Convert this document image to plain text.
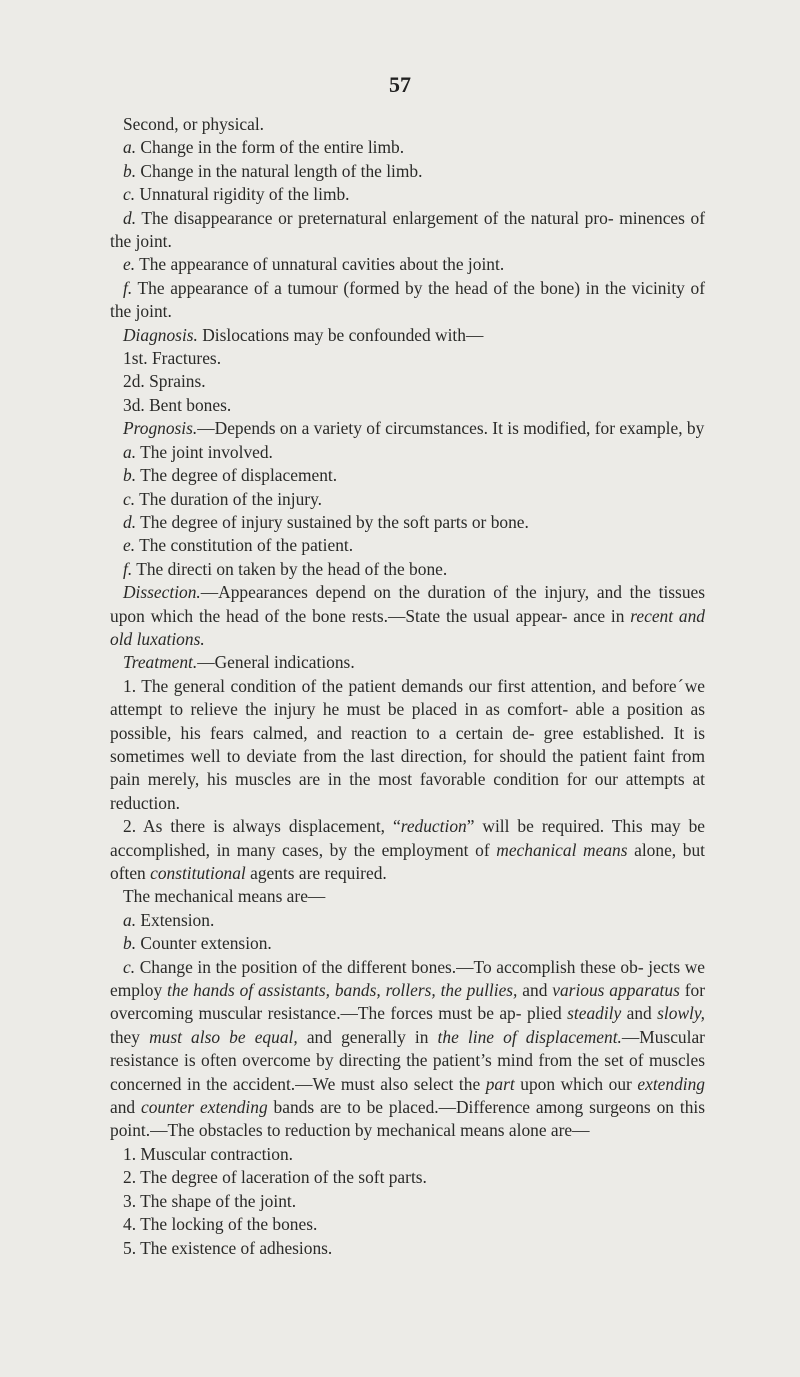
57

Second, or physical.

a. Change in the form of the entire limb.

b. Change in the natural length of the limb.

c. Unnatural rigidity of the limb.

d. The disappearance or preternatural enlargement of the natural pro- minences of the joint.

e. The appearance of unnatural cavities about the joint.

f. The appearance of a tumour (formed by the head of the bone) in the vicinity of the joint.

Diagnosis. Dislocations may be confounded with—

1st. Fractures.

2d. Sprains.

3d. Bent bones.

Prognosis.—Depends on a variety of circumstances. It is modified, for example, by

a. The joint involved.

b. The degree of displacement.

c. The duration of the injury.

d. The degree of injury sustained by the soft parts or bone.

e. The constitution of the patient.

f. The directi on taken by the head of the bone.

Dissection.—Appearances depend on the duration of the injury, and the tissues upon which the head of the bone rests.—State the usual appear- ance in recent and old luxations.

Treatment.—General indications.

1. The general condition of the patient demands our first attention, and beforeˊwe attempt to relieve the injury he must be placed in as comfort- able a position as possible, his fears calmed, and reaction to a certain de- gree established. It is sometimes well to deviate from the last direction, for should the patient faint from pain merely, his muscles are in the most favorable condition for our attempts at reduction.

2. As there is always displacement, “reduction” will be required. This may be accomplished, in many cases, by the employment of mechanical means alone, but often constitutional agents are required.

The mechanical means are—

a. Extension.

b. Counter extension.

c. Change in the position of the different bones.—To accomplish these ob- jects we employ the hands of assistants, bands, rollers, the pullies, and various apparatus for overcoming muscular resistance.—The forces must be ap- plied steadily and slowly, they must also be equal, and generally in the line of displacement.—Muscular resistance is often overcome by directing the patient’s mind from the set of muscles concerned in the accident.—We must also select the part upon which our extending and counter extending bands are to be placed.—Difference among surgeons on this point.—The obstacles to reduction by mechanical means alone are—

1. Muscular contraction.

2. The degree of laceration of the soft parts.

3. The shape of the joint.

4. The locking of the bones.

5. The existence of adhesions.
